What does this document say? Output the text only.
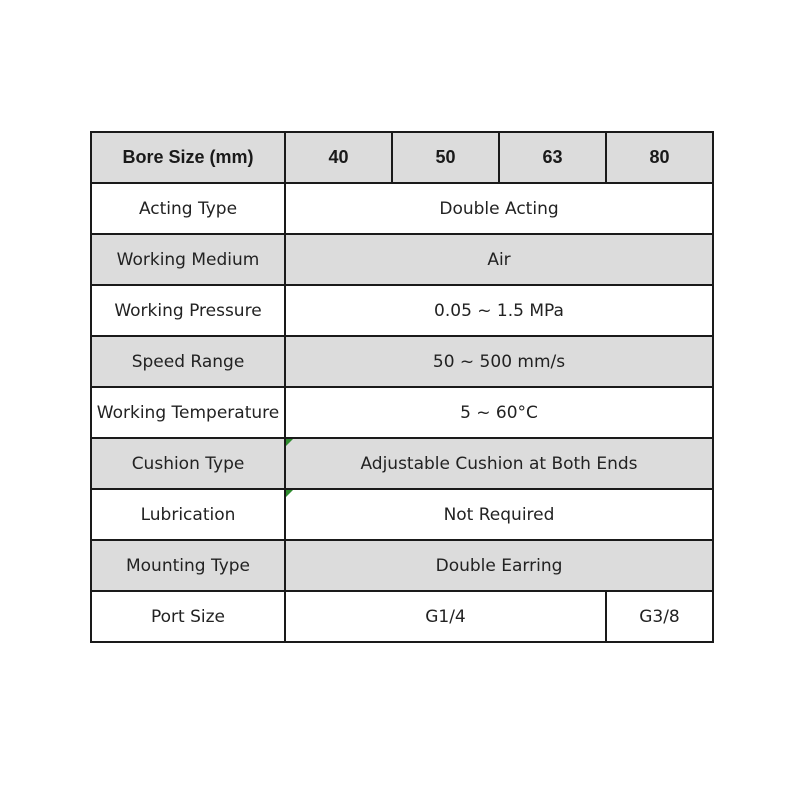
Bore Size (mm)	40	50	63	80
Acting Type	Double Acting			
Working Medium	Air			
Working Pressure	0.05 ~ 1.5 MPa			
Speed Range	50 ~ 500 mm/s			
Working Temperature	5 ~ 60°C			
Cushion Type	Adjustable Cushion at Both Ends			
Lubrication	Not Required			
Mounting Type	Double Earring			
Port Size	G1/4			G3/8
